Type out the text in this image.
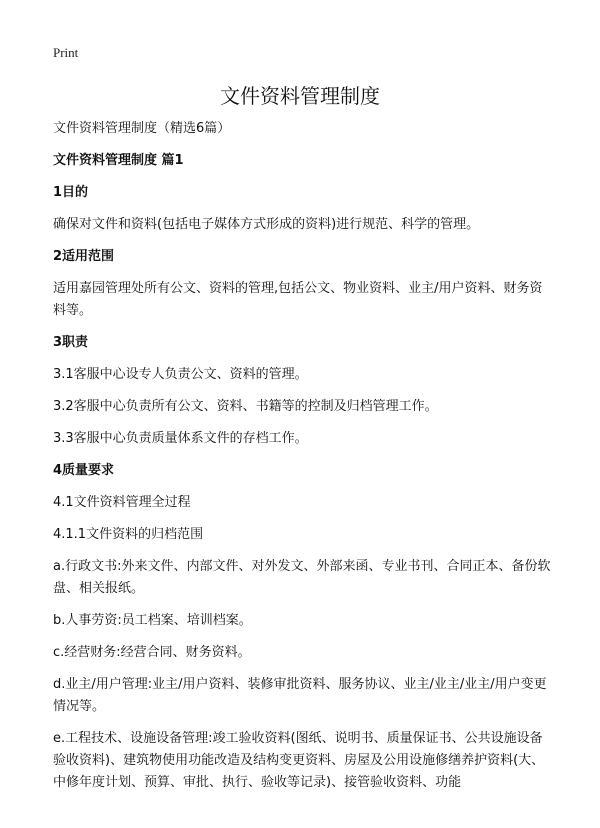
Print
文件资料管理制度

文件资料管理制度（精选6篇）

文件资料管理制度 篇1

1目的

确保对文件和资料(包括电子媒体方式形成的资料)进行规范、科学的管理。

2适用范围

适用嘉园管理处所有公文、资料的管理,包括公文、物业资料、业主/用户资料、财务资料等。

3职责

3.1客服中心设专人负责公文、资料的管理。

3.2客服中心负责所有公文、资料、书籍等的控制及归档管理工作。

3.3客服中心负责质量体系文件的存档工作。

4质量要求

4.1文件资料管理全过程

4.1.1文件资料的归档范围

a.行政文书:外来文件、内部文件、对外发文、外部来函、专业书刊、合同正本、备份软盘、相关报纸。

b.人事劳资:员工档案、培训档案。

c.经营财务:经营合同、财务资料。

d.业主/用户管理:业主/用户资料、装修审批资料、服务协议、业主/业主/业主/用户变更情况等。

e.工程技术、设施设备管理:竣工验收资料(图纸、说明书、质量保证书、公共设施设备验收资料)、建筑物使用功能改造及结构变更资料、房屋及公用设施修缮养护资料(大、中修年度计划、预算、审批、执行、验收等记录)、接管验收资料、功能
